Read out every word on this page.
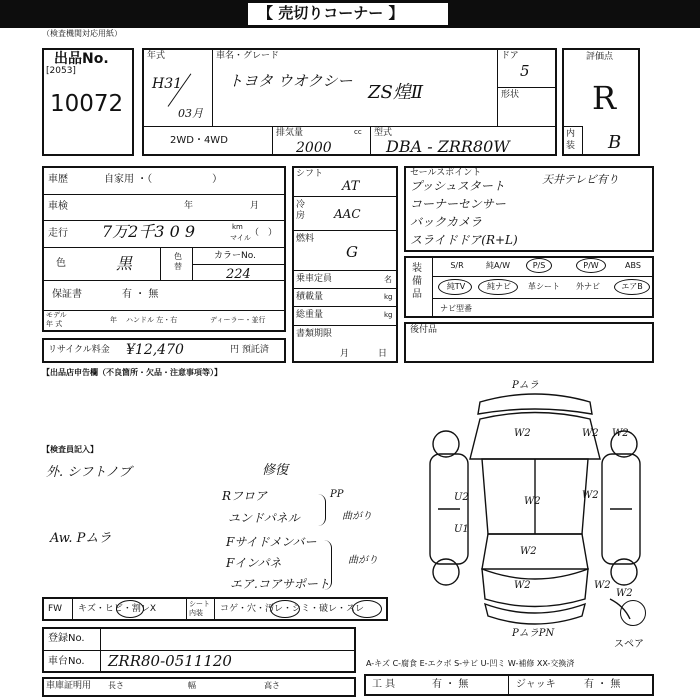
【 売切りコーナー 】
（検査機関対応用紙）
出品No.
[2053]
10072
年式
H31
03月
車名・グレード
トヨタ ウオクシー
ZS煌Ⅱ
ドア
5
形状
2WD・4WD
排気量	cc
2000
型式
DBA - ZRR80W
評価点
R
内装 B
車歴	自家用 ・（　　　　　　）
車検	年	月
走行 7万2千3 0 9	km
マイル （　）
色	黒	色替
カラーNo.
224
保証書	有 ・ 無
モデル
年 式	年 ハンドル 左・右	ディーラー・並行
リサイクル料金 ¥12,470	円 預託済
シフト
AT
冷房 AAC
燃料
G
乗車定員	名
積載量	kg
総重量	kg
書類期限
月	日
セールスポイント
プッシュスタート
コーナーセンサー
バックカメラ
スライドドア(R+L)
天井テレビ有り
装備品
S/R	純A/W	P/S	P/W	ABS
純TV	純ナビ	革シート	外ナビ	エアB
ナビ型番
後付品
【出品店申告欄（不良箇所・欠品・注意事項等）】
【検査員記入】
外. シフトノブ
Aw. Pムラ
修復
Rフロア
ユンドパネル
Fサイドメンバー
Fインパネ
エア.コアサポート
PP
曲がり
曲がり
Pムラ
W2	W2 W2
U2	W2
U1
W2
W2
W2	W2
PムラPN
W2
スペア
FW キズ・ヒビ・割レX	シート内装	コゲ・穴・汚レ・シミ・破レ・スレ
登録No.
車台No. ZRR80-0511120
車庫証明用 長さ	幅	高さ
A-キズ C-腐食 E-エクボ S-サビ U-凹ミ W-補修 XX-交換済
工 具	有 ・ 無	ジャッキ	有 ・ 無
